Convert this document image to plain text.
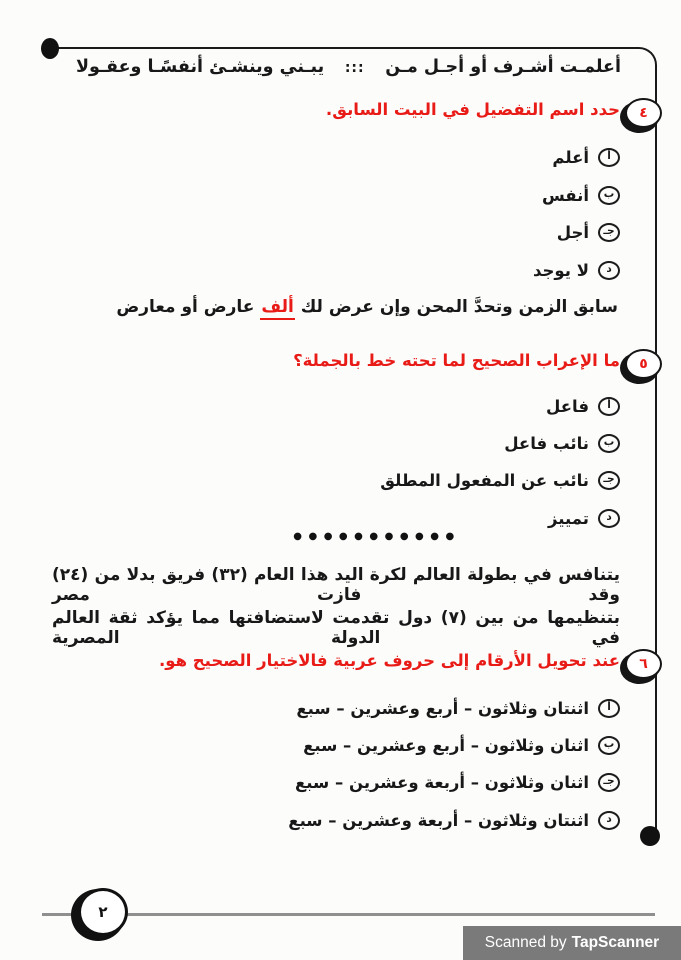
أعلمـت أشـرف أو أجـل مـن
:::
يبـني وينشـئ أنفسًـا وعقـولا
٤
حدد اسم التفضيل في البيت السابق.
أ
أعلم
ب
أنفس
جـ
أجل
د
لا يوجد
سابق الزمن وتحدَّ المحن وإن عرض لك ألف عارض أو معارض
٥
ما الإعراب الصحيح لما تحته خط بالجملة؟
أ
فاعل
ب
نائب فاعل
جـ
نائب عن المفعول المطلق
د
تمييز
●●●●●●●●●●●
يتنافس في بطولة العالم لكرة اليد هذا العام (٣٢) فريق بدلا من (٢٤) وقد فازت مصر
بتنظيمها من بين (٧) دول تقدمت لاستضافتها مما يؤكد ثقة العالم في الدولة المصرية
٦
عند تحويل الأرقام إلى حروف عربية فالاختيار الصحيح هو.
أ
اثنتان وثلاثون – أربع وعشرين – سبع
ب
اثنان وثلاثون – أربع وعشرين – سبع
جـ
اثنان وثلاثون – أربعة وعشرين – سبع
د
اثنتان وثلاثون – أربعة وعشرين – سبع
٢
Scanned by TapScanner
